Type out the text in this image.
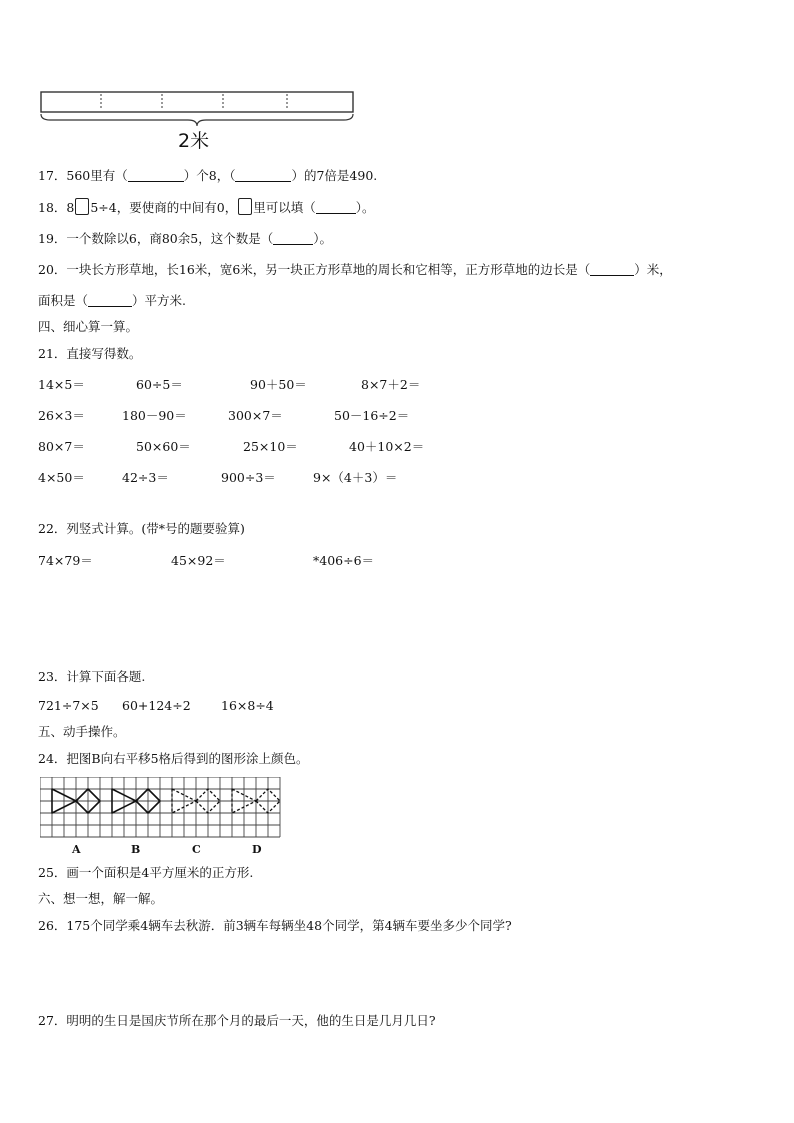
2米
17．560里有（	）个8，（	）的7倍是490.
18．8 5÷4，要使商的中间有0， 里可以填（	）。
19．一个数除以6，商80余5，这个数是（	）。
20．一块长方形草地，长16米，宽6米，另一块正方形草地的周长和它相等，正方形草地的边长是（	）米，
面积是（	）平方米.
四、细心算一算。
21．直接写得数。
14×5＝	60÷5＝	90＋50＝	8×7＋2＝
26×3＝	180－90＝	300×7＝	50－16÷2＝
80×7＝	50×60＝	25×10＝	40＋10×2＝
4×50＝	42÷3＝	900÷3＝	9×（4＋3）＝
22．列竖式计算。(带*号的题要验算)
74×79＝	45×92＝	*406÷6＝
23．计算下面各题.
721÷7×5 60+124÷2 16×8÷4
五、动手操作。
24．把图B向右平移5格后得到的图形涂上颜色。
A	B	C	D
25．画一个面积是4平方厘米的正方形.
六、想一想，解一解。
26．175个同学乘4辆车去秋游．前3辆车每辆坐48个同学，第4辆车要坐多少个同学?
27．明明的生日是国庆节所在那个月的最后一天，他的生日是几月几日?
